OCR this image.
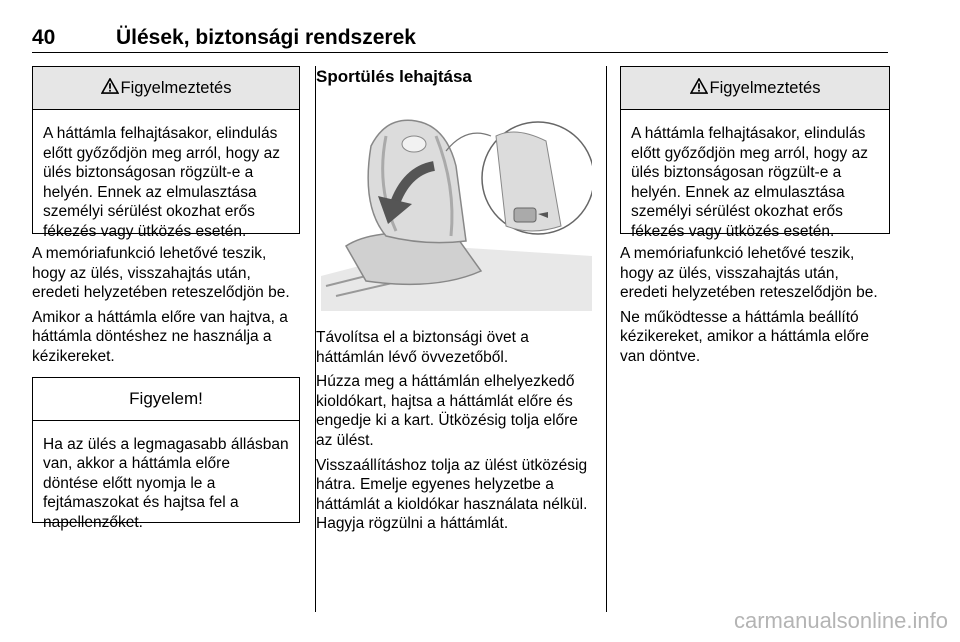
40	Ülések, biztonsági rendszerek
Figyelmeztetés
A háttámla felhajtásakor, elindulás előtt győződjön meg arról, hogy az ülés biztonságosan rögzült-e a helyén. Ennek az elmulasztása személyi sérülést okozhat erős fékezés vagy ütközés esetén.

A memóriafunkció lehetővé teszik, hogy az ülés, visszahajtás után, eredeti helyzetében reteszelődjön be.

Amikor a háttámla előre van hajtva, a háttámla döntéshez ne használja a kézikereket.

Figyelem!
Ha az ülés a legmagasabb állásban van, akkor a háttámla előre döntése előtt nyomja le a fejtámaszokat és hajtsa fel a napellenzőket.

Sportülés lehajtása

Távolítsa el a biztonsági övet a háttámlán lévő övvezetőből.

Húzza meg a háttámlán elhelyezkedő kioldókart, hajtsa a háttámlát előre és engedje ki a kart. Ütközésig tolja előre az ülést.

Visszaállításhoz tolja az ülést ütközésig hátra. Emelje egyenes helyzetbe a háttámlát a kioldókar használata nélkül. Hagyja rögzülni a háttámlát.

Figyelmeztetés
A háttámla felhajtásakor, elindulás előtt győződjön meg arról, hogy az ülés biztonságosan rögzült-e a helyén. Ennek az elmulasztása személyi sérülést okozhat erős fékezés vagy ütközés esetén.

A memóriafunkció lehetővé teszik, hogy az ülés, visszahajtás után, eredeti helyzetében reteszelődjön be.

Ne működtesse a háttámla beállító kézikereket, amikor a háttámla előre van döntve.

carmanualsonline.info
